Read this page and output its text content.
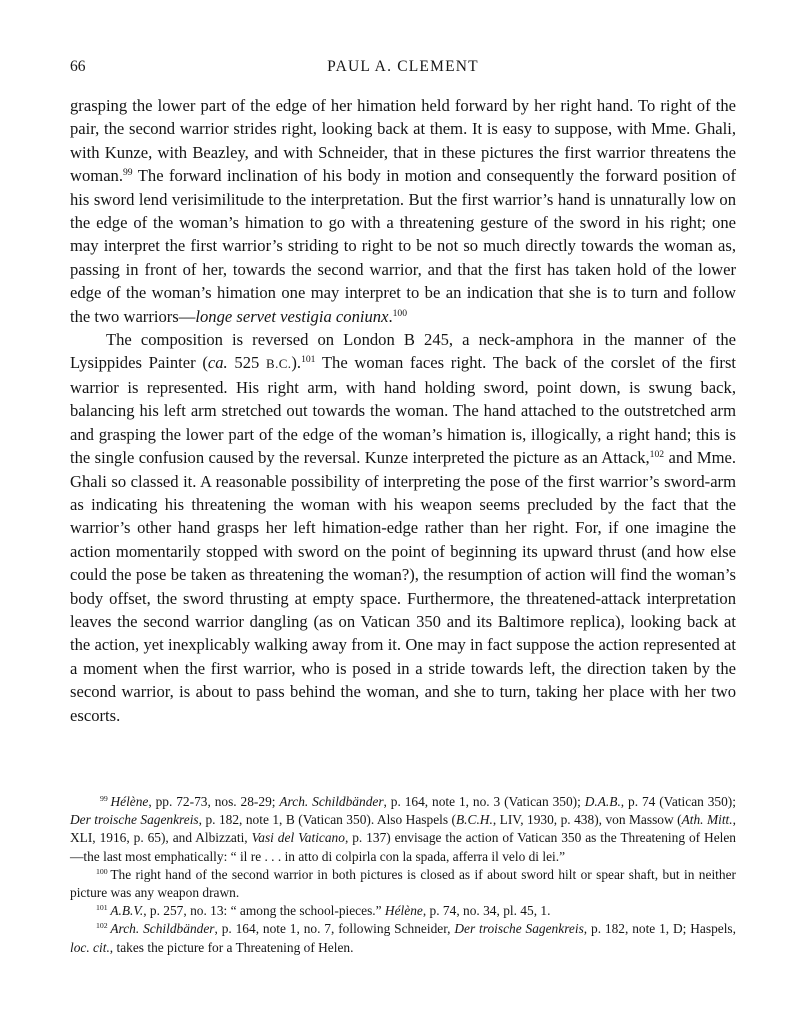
66	PAUL A. CLEMENT

grasping the lower part of the edge of her himation held forward by her right hand. To right of the pair, the second warrior strides right, looking back at them. It is easy to suppose, with Mme. Ghali, with Kunze, with Beazley, and with Schneider, that in these pictures the first warrior threatens the woman.$^{99}$ The forward inclination of his body in motion and consequently the forward position of his sword lend verisimilitude to the interpretation. But the first warrior’s hand is unnaturally low on the edge of the woman’s himation to go with a threatening gesture of the sword in his right; one may interpret the first warrior’s striding to right to be not so much directly towards the woman as, passing in front of her, towards the second warrior, and that the first has taken hold of the lower edge of the woman’s himation one may interpret to be an indication that she is to turn and follow the two warriors—longe servet vestigia coniunx.$^{100}$

The composition is reversed on London B 245, a neck-amphora in the manner of the Lysippides Painter (ca. 525 B.C.).$^{101}$ The woman faces right. The back of the corslet of the first warrior is represented. His right arm, with hand holding sword, point down, is swung back, balancing his left arm stretched out towards the woman. The hand attached to the outstretched arm and grasping the lower part of the edge of the woman’s himation is, illogically, a right hand; this is the single confusion caused by the reversal. Kunze interpreted the picture as an Attack,$^{102}$ and Mme. Ghali so classed it. A reasonable possibility of interpreting the pose of the first warrior’s sword-arm as indicating his threatening the woman with his weapon seems precluded by the fact that the warrior’s other hand grasps her left himation-edge rather than her right. For, if one imagine the action momentarily stopped with sword on the point of beginning its upward thrust (and how else could the pose be taken as threatening the woman?), the resumption of action will find the woman’s body offset, the sword thrusting at empty space. Furthermore, the threatened-attack interpretation leaves the second warrior dangling (as on Vatican 350 and its Baltimore replica), looking back at the action, yet inexplicably walking away from it. One may in fact suppose the action represented at a moment when the first warrior, who is posed in a stride towards left, the direction taken by the second warrior, is about to pass behind the woman, and she to turn, taking her place with her two escorts.

$^{99}$  Hélène, pp. 72-73, nos. 28-29; Arch. Schildbänder, p. 164, note 1, no. 3 (Vatican 350); D.A.B., p. 74 (Vatican 350); Der troische Sagenkreis, p. 182, note 1, B (Vatican 350). Also Haspels (B.C.H., LIV, 1930, p. 438), von Massow (Ath. Mitt., XLI, 1916, p. 65), and Albizzati, Vasi del Vaticano, p. 137) envisage the action of Vatican 350 as the Threatening of Helen—the last most emphatically: “ il re . . . in atto di colpirla con la spada, afferra il velo di lei.”

$^{100}$  The right hand of the second warrior in both pictures is closed as if about sword hilt or spear shaft, but in neither picture was any weapon drawn.

$^{101}$  A.B.V., p. 257, no. 13: “ among the school-pieces.” Hélène, p. 74, no. 34, pl. 45, 1.

$^{102}$  Arch. Schildbänder, p. 164, note 1, no. 7, following Schneider, Der troische Sagenkreis, p. 182, note 1, D; Haspels, loc. cit., takes the picture for a Threatening of Helen.
